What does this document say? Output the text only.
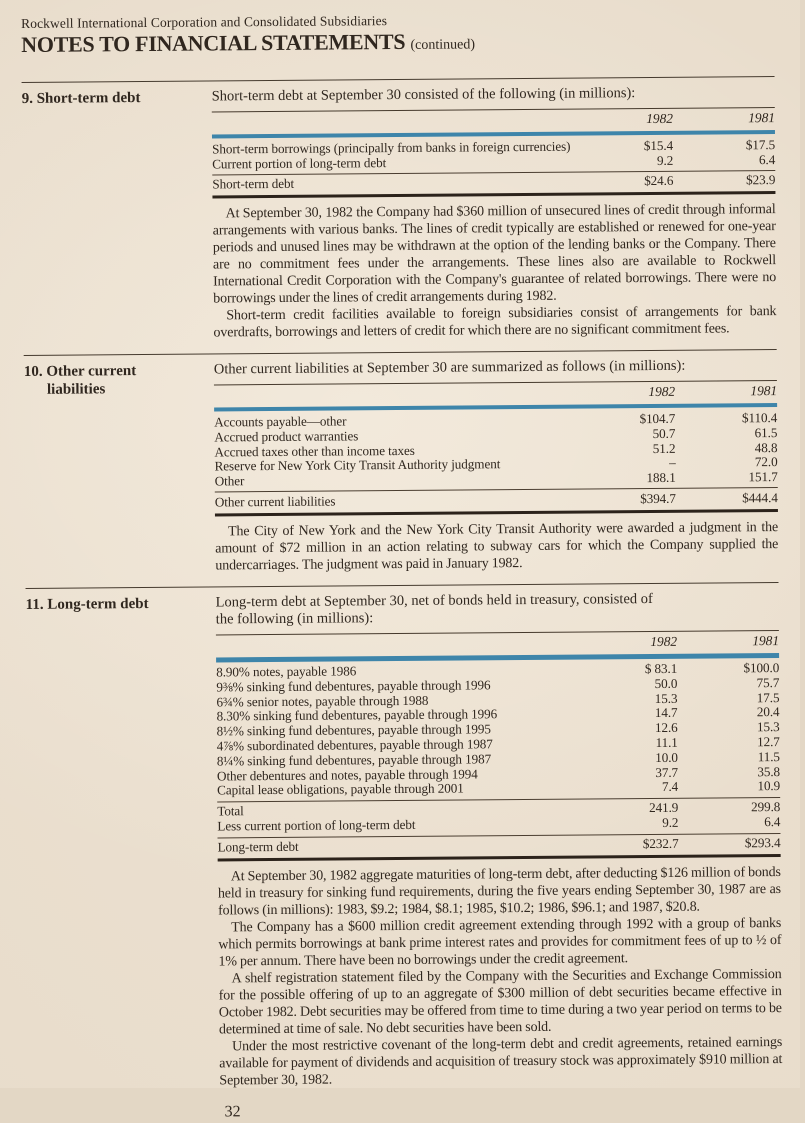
Rockwell International Corporation and Consolidated Subsidiaries
NOTES TO FINANCIAL STATEMENTS (continued)
9. Short-term debt	Short-term debt at September 30 consisted of the following (in millions):

1982	1981
Short-term borrowings (principally from banks in foreign currencies)	$15.4	$17.5
Current portion of long-term debt	9.2	6.4
Short-term debt	$24.6	$23.9

At September 30, 1982 the Company had $360 million of unsecured lines of credit through informal arrangements with various banks. The lines of credit typically are established or renewed for one-year periods and unused lines may be withdrawn at the option of the lending banks or the Company. There are no commitment fees under the arrangements. These lines also are available to Rockwell International Credit Corporation with the Company's guarantee of related borrowings. There were no borrowings under the lines of credit arrangements during 1982.

Short-term credit facilities available to foreign subsidiaries consist of arrangements for bank overdrafts, borrowings and letters of credit for which there are no significant commitment fees.

10. Other current
liabilities

Other current liabilities at September 30 are summarized as follows (in millions):

1982	1981
Accounts payable—other	$104.7	$110.4
Accrued product warranties	50.7	61.5
Accrued taxes other than income taxes	51.2	48.8
Reserve for New York City Transit Authority judgment	–	72.0
Other	188.1	151.7
Other current liabilities	$394.7	$444.4

The City of New York and the New York City Transit Authority were awarded a judgment in the amount of $72 million in an action relating to subway cars for which the Company supplied the undercarriages. The judgment was paid in January 1982.

11. Long-term debt	Long-term debt at September 30, net of bonds held in treasury, consisted of the following (in millions):

1982	1981
8.90% notes, payable 1986	$ 83.1	$100.0
9⅜% sinking fund debentures, payable through 1996	50.0	75.7
6¾% senior notes, payable through 1988	15.3	17.5
8.30% sinking fund debentures, payable through 1996	14.7	20.4
8½% sinking fund debentures, payable through 1995	12.6	15.3
4⅞% subordinated debentures, payable through 1987	11.1	12.7
8¼% sinking fund debentures, payable through 1987	10.0	11.5
Other debentures and notes, payable through 1994	37.7	35.8
Capital lease obligations, payable through 2001	7.4	10.9
Total	241.9	299.8
Less current portion of long-term debt	9.2	6.4
Long-term debt	$232.7	$293.4

At September 30, 1982 aggregate maturities of long-term debt, after deducting $126 million of bonds held in treasury for sinking fund requirements, during the five years ending September 30, 1987 are as follows (in millions): 1983, $9.2; 1984, $8.1; 1985, $10.2; 1986, $96.1; and 1987, $20.8.

The Company has a $600 million credit agreement extending through 1992 with a group of banks which permits borrowings at bank prime interest rates and provides for commitment fees of up to ½ of 1% per annum. There have been no borrowings under the credit agreement.

A shelf registration statement filed by the Company with the Securities and Exchange Commission for the possible offering of up to an aggregate of $300 million of debt securities became effective in October 1982. Debt securities may be offered from time to time during a two year period on terms to be determined at time of sale. No debt securities have been sold.

Under the most restrictive covenant of the long-term debt and credit agreements, retained earnings available for payment of dividends and acquisition of treasury stock was approximately $910 million at September 30, 1982.

32
